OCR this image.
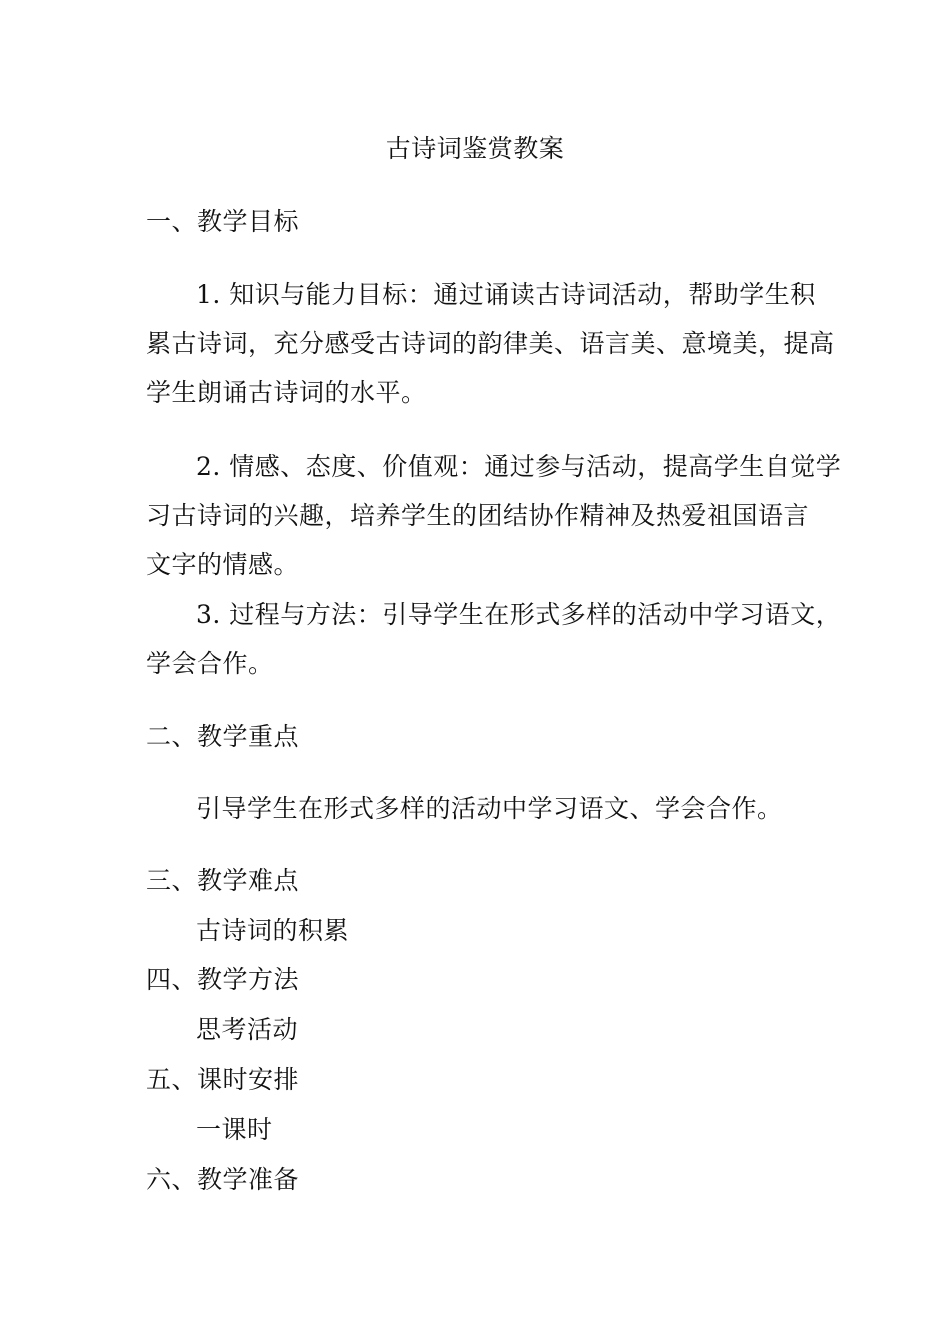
古诗词鉴赏教案
一、教学目标
1. 知识与能力目标：通过诵读古诗词活动，帮助学生积
累古诗词，充分感受古诗词的韵律美、语言美、意境美，提高
学生朗诵古诗词的水平。
2. 情感、态度、价值观：通过参与活动，提高学生自觉学
习古诗词的兴趣，培养学生的团结协作精神及热爱祖国语言
文字的情感。
3. 过程与方法：引导学生在形式多样的活动中学习语文，
学会合作。
二、教学重点
引导学生在形式多样的活动中学习语文、学会合作。
三、教学难点
古诗词的积累
四、教学方法
思考活动
五、课时安排
一课时
六、教学准备
